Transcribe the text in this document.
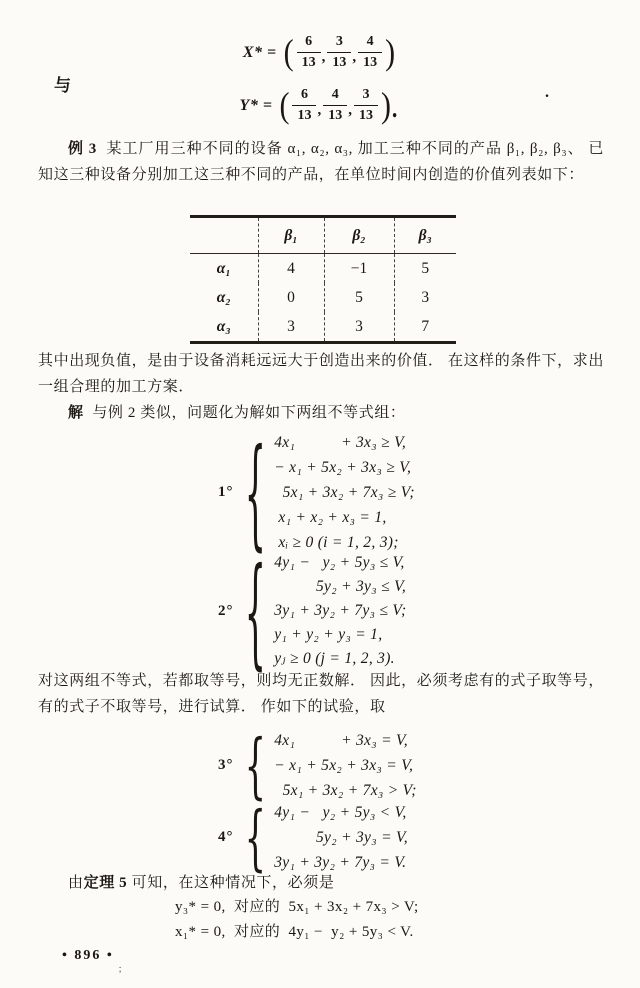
X* = ( $\frac{6}{13}$ , $\frac{3}{13}$ , $\frac{4}{13}$ )
与
Y* = ( $\frac{6}{13}$ , $\frac{4}{13}$ , $\frac{3}{13}$ ).	.
例 3 某工厂用三种不同的设备 α₁, α₂, α₃, 加工三种不同的产品 β₁, β₂, β₃、 已知这三种设备分别加工这三种不同的产品，在单位时间内创造的价值列表如下：
	β₁	β₂	β₃
α₁	4	−1	5
α₂	0	5	3
α₃	3	3	7
其中出现负值，是由于设备消耗远远大于创造出来的价值． 在这样的条件下，求出一组合理的加工方案．
解 与例 2 类似，问题化为解如下两组不等式组：
1° { 4x₁           + 3x₃ ≥ V,
− x₁ + 5x₂ + 3x₃ ≥ V,
5x₁ + 3x₂ + 7x₃ ≥ V;
x₁ + x₂ + x₃ = 1,
xᵢ ≥ 0 (i = 1, 2, 3);
2° { 4y₁ −   y₂ + 5y₃ ≤ V,
5y₂ + 3y₃ ≤ V,
3y₁ + 3y₂ + 7y₃ ≤ V;
y₁ + y₂ + y₃ = 1,
yⱼ ≥ 0 (j = 1, 2, 3).
对这两组不等式，若都取等号，则均无正数解． 因此，必须考虑有的式子取等号，有的式子不取等号，进行试算． 作如下的试验，取
3° { 4x₁           + 3x₃ = V,
− x₁ + 5x₂ + 3x₃ = V,
5x₁ + 3x₂ + 7x₃ > V;
4° { 4y₁ −   y₂ + 5y₃ < V,
5y₂ + 3y₃ = V,
3y₁ + 3y₂ + 7y₃ = V.
由定理 5 可知，在这种情况下，必须是
y₃* = 0,  对应的  5x₁ + 3x₂ + 7x₃ > V;
x₁* = 0,  对应的  4y₁ −  y₂ + 5y₃ < V.
• 896 •
；
